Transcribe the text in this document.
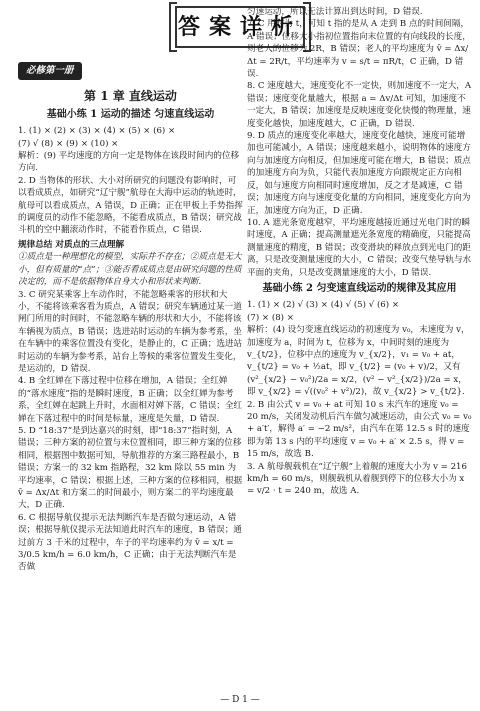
答案详析
必修第一册
第 1 章 直线运动
基础小练 1 运动的描述 匀速直线运动

1. (1) × (2) × (3) × (4) × (5) × (6) ×

(7) √ (8) × (9) × (10) ×

解析：(9) 平均速度的方向一定是物体在该段时间内的位移方向.

2. D 当物体的形状、大小对所研究的问题没有影响时，可以看成质点，如研究“辽宁舰”航母在大海中运动的轨迹时，航母可以看成质点，A 错误，D 正确；正在甲板上手势指挥的调度员的动作不能忽略，不能看成质点，B 错误；研究战斗机的空中翻滚动作时，不能看作质点，C 错误.

规律总结 对质点的三点理解

①质点是一种理想化的模型，实际并不存在；②质点是无大小，但有质量的“点”；③能否看成质点是由研究问题的性质决定的，而不是依据物体自身大小和形状来判断.

3. C 研究某乘客上车动作时，不能忽略乘客的形状和大小，不能将该乘客看为质点，A 错误；研究车辆通过某一道闸门所用的时间时，不能忽略车辆的形状和大小，不能将该车辆视为质点，B 错误；选进站时运动的车辆为参考系，坐在车辆中的乘客位置没有变化，是静止的，C 正确；选进站时运动的车辆为参考系，站台上等候的乘客位置发生变化，是运动的，D 错误.

4. B 全红婵在下落过程中位移在增加，A 错误；全红婵的“落水速度”指的是瞬时速度，B 正确；以全红婵为参考系，全红婵在起跳上升时，水面相对婵下落，C 错误；全红婵在下落过程中的时间是标量，速度是矢量，D 错误.

5. D “18:37”是到达嘉兴的时刻，即“18:37”指时刻，A 错误；三种方案的初位置与末位置相同，即三种方案的位移相同，根据图中数据可知，导航推荐的方案三路程最小，B 错误；方案一的 32 km 指路程，32 km 除以 55 min 为平均速率，C 错误；根据上述，三种方案的位移相同，根据 v̄ = Δx/Δt 和方案二的时间最小，则方案二的平均速度最大，D 正确.

6. C 根据导航仪提示无法判断汽车是否做匀速运动，A 错误；根据导航仪提示无法知道此时汽车的速度，B 错误；通过前方 3 千米的过程中，车子的平均速率约为 v̄ = x/t = 3/0.5 km/h = 6.0 km/h，C 正确；由于无法判断汽车是否做

匀速运动，所以无法计算出到达时间，D 错误.

7. C 用时为 t，可知 t 指的是从 A 走到 B 点的时间间隔，A 错误；位移大小指初位置指向末位置的有向线段的长度，则老人的位移为 2R，B 错误；老人的平均速度为 v̄ = Δx/Δt = 2R/t，平均速率为 v = s/t = πR/t，C 正确，D 错误.

8. C 速度越大，速度变化不一定快，则加速度不一定大，A 错误；速度变化量越大，根据 a = Δv/Δt 可知，加速度不一定大，B 错误；加速度是反映速度变化快慢的物理量，速度变化越快，加速度越大，C 正确，D 错误.

9. D 质点的速度变化率越大，速度变化越快，速度可能增加也可能减小，A 错误；速度越来越小，说明物体的速度方向与加速度方向相反，但加速度可能在增大，B 错误；质点的加速度方向为负，只能代表加速度方向跟规定正方向相反，如与速度方向相同时速度增加，反之才是减速，C 错误；加速度方向与速度变化量的方向相同，速度变化方向为正，加速度方向为正，D 正确.

10. A 遮光条宽度越窄，平均速度越接近通过光电门时的瞬时速度，A 正确；提高测量遮光条宽度的精确度，只能提高测量速度的精度，B 错误；改变滑块的释放点到光电门的距离，只是改变测量速度的大小，C 错误；改变气垫导轨与水平面的夹角，只是改变测量速度的大小，D 错误.

基础小练 2 匀变速直线运动的规律及其应用

1. (1) × (2) √ (3) × (4) √ (5) √ (6) ×

(7) × (8) ×

解析：(4) 设匀变速直线运动的初速度为 v₀，末速度为 v，加速度为 a，时间为 t，位移为 x，中间时刻的速度为 v_{t/2}，位移中点的速度为 v_{x/2}，v₁ = v₀ + at，v_{t/2} = v₀ + ½at，即 v_{t/2} = (v₀ + v)/2，又有 (v²_{x/2} − v₀²)/2a = x/2，(v² − v²_{x/2})/2a = x，即 v_{x/2} = √((v₀² + v²)/2)，故 v_{x/2} > v_{t/2}.

2. B 由公式 v = v₀ + at 可知 10 s 末汽车的速度 v₀ = 20 m/s，关闭发动机后汽车做匀减速运动，由公式 v₀ = v₀ + a′t′，解得 a′ = −2 m/s²，由汽车在第 12.5 s 时的速度即为第 13 s 内的平均速度 v = v₀ + a′ × 2.5 s，得 v = 15 m/s，故选 B.

3. A 航母舰载机在“辽宁舰”上着舰的速度大小为 v = 216 km/h = 60 m/s，则舰载机从着舰到停下的位移大小为 x = v/2 · t = 240 m，故选 A.

— D 1 —
